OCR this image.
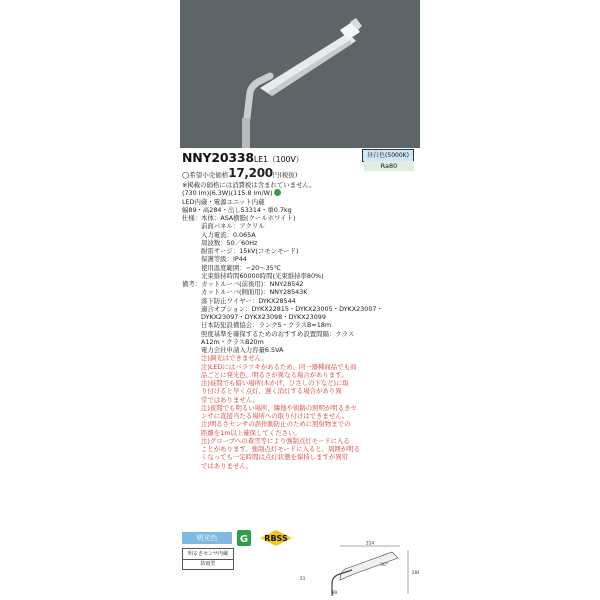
NNY20338LE1（100V）	昼白色(5000K)
Ra80
◯希望小売価格17,200円(税抜)
※掲載の価格には消費税は含まれていません。
(730 lm)(6.3W)(115.8 lm/W)
LED内蔵・電源ユニット内蔵
幅89・高284・出し53314・重0.7kg
仕様：本体：ASA樹脂(クールホワイト)
前面パネル：アクリル
入力電流：0.065A
周波数：50／60Hz
耐雷サージ：15kV(コモンモード)
保護等級：IP44
使用温度範囲：−20〜35℃
光束維持時間60000時間(光束維持率80%)
備考：カットルーバ(前後用)：NNY28542
カットルーバ(側面用)：NNY28543K
落下防止ワイヤー：DYKX28544
適合オプション：DYKX22815・DYKX23005・DYKX23007・
DYKX23097・DYKX23098・DYKX23099
日本防犯設備協会：ランクS・クラスB=18m
照度基準を確保するためのおすすめ設置間隔：クラス
A12m・クラスB20m
電力会社申請入力容量6.5VA
注)調光はできません。
注)LEDにはバラツキがあるため、同一器種商品でも商
品ごとに発光色、明るさが異なる場合があります。
注)昼間でも暗い場所(木かげ、ひさしの下など)に取
り付けると早く点灯、遅く消灯する場合があり異
常ではありません。
注)夜間でも明るい場所、隣地や街路の照明が明るきセ
ンサに直接当たる場所への取り付けはできません。
注)明るさセンサの誤作動防止のために照射物までの
距離を1m以上確保してください。
注)グローブへの着雪等により強制点灯モードに入る
ことがあります。強制点灯モードに入ると、周囲が明る
くなっても一定時間は点灯状態を保持しますが異常
ではありません。
明光色	G RBSS
明るさセンサ内蔵
防雨型
314
30°
284
53
89
